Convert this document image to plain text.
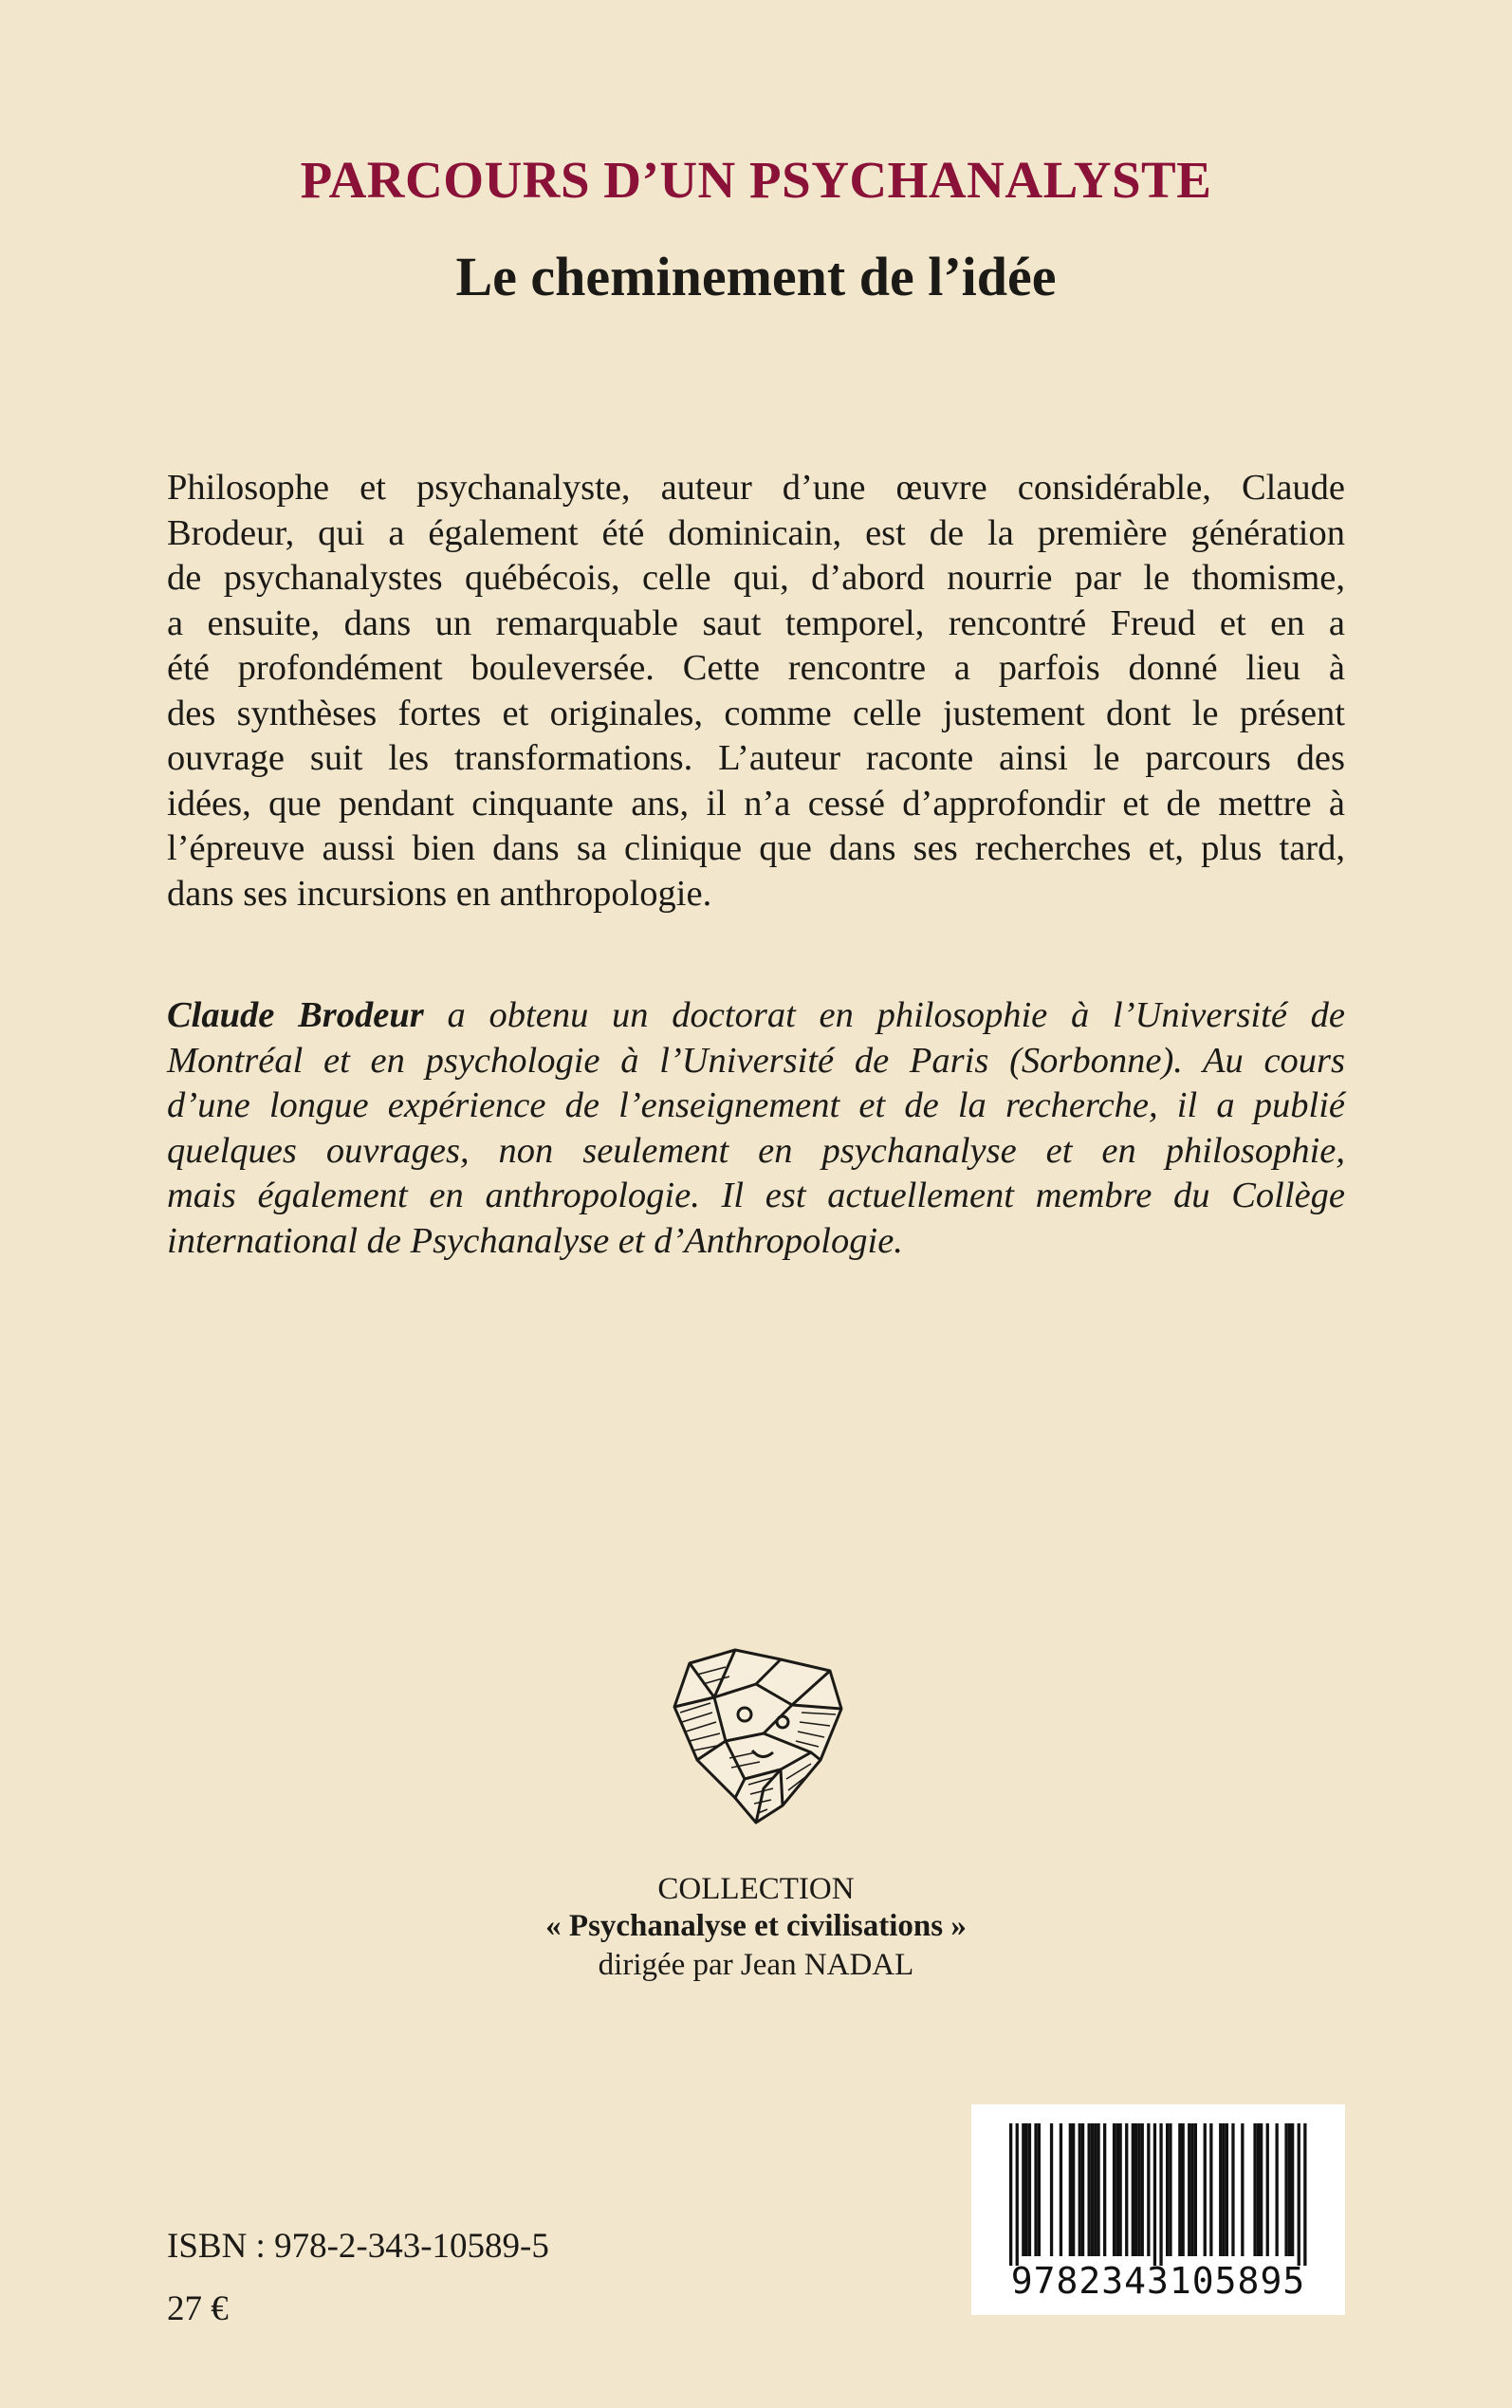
PARCOURS D’UN PSYCHANALYSTE
Le cheminement de l’idée
Philosophe et psychanalyste, auteur d’une œuvre considérable, Claude
Brodeur, qui a également été dominicain, est de la première génération
de psychanalystes québécois, celle qui, d’abord nourrie par le thomisme,
a ensuite, dans un remarquable saut temporel, rencontré Freud et en a
été profondément bouleversée. Cette rencontre a parfois donné lieu à
des synthèses fortes et originales, comme celle justement dont le présent
ouvrage suit les transformations. L’auteur raconte ainsi le parcours des
idées, que pendant cinquante ans, il n’a cessé d’approfondir et de mettre à
l’épreuve aussi bien dans sa clinique que dans ses recherches et, plus tard,
dans ses incursions en anthropologie.
Claude Brodeur a obtenu un doctorat en philosophie à l’Université de
Montréal et en psychologie à l’Université de Paris (Sorbonne). Au cours
d’une longue expérience de l’enseignement et de la recherche, il a publié
quelques ouvrages, non seulement en psychanalyse et en philosophie,
mais également en anthropologie. Il est actuellement membre du Collège
international de Psychanalyse et d’Anthropologie.

COLLECTION

« Psychanalyse et civilisations »

dirigée par Jean NADAL

ISBN : 978-2-343-10589-5

27 €

9782343105895
